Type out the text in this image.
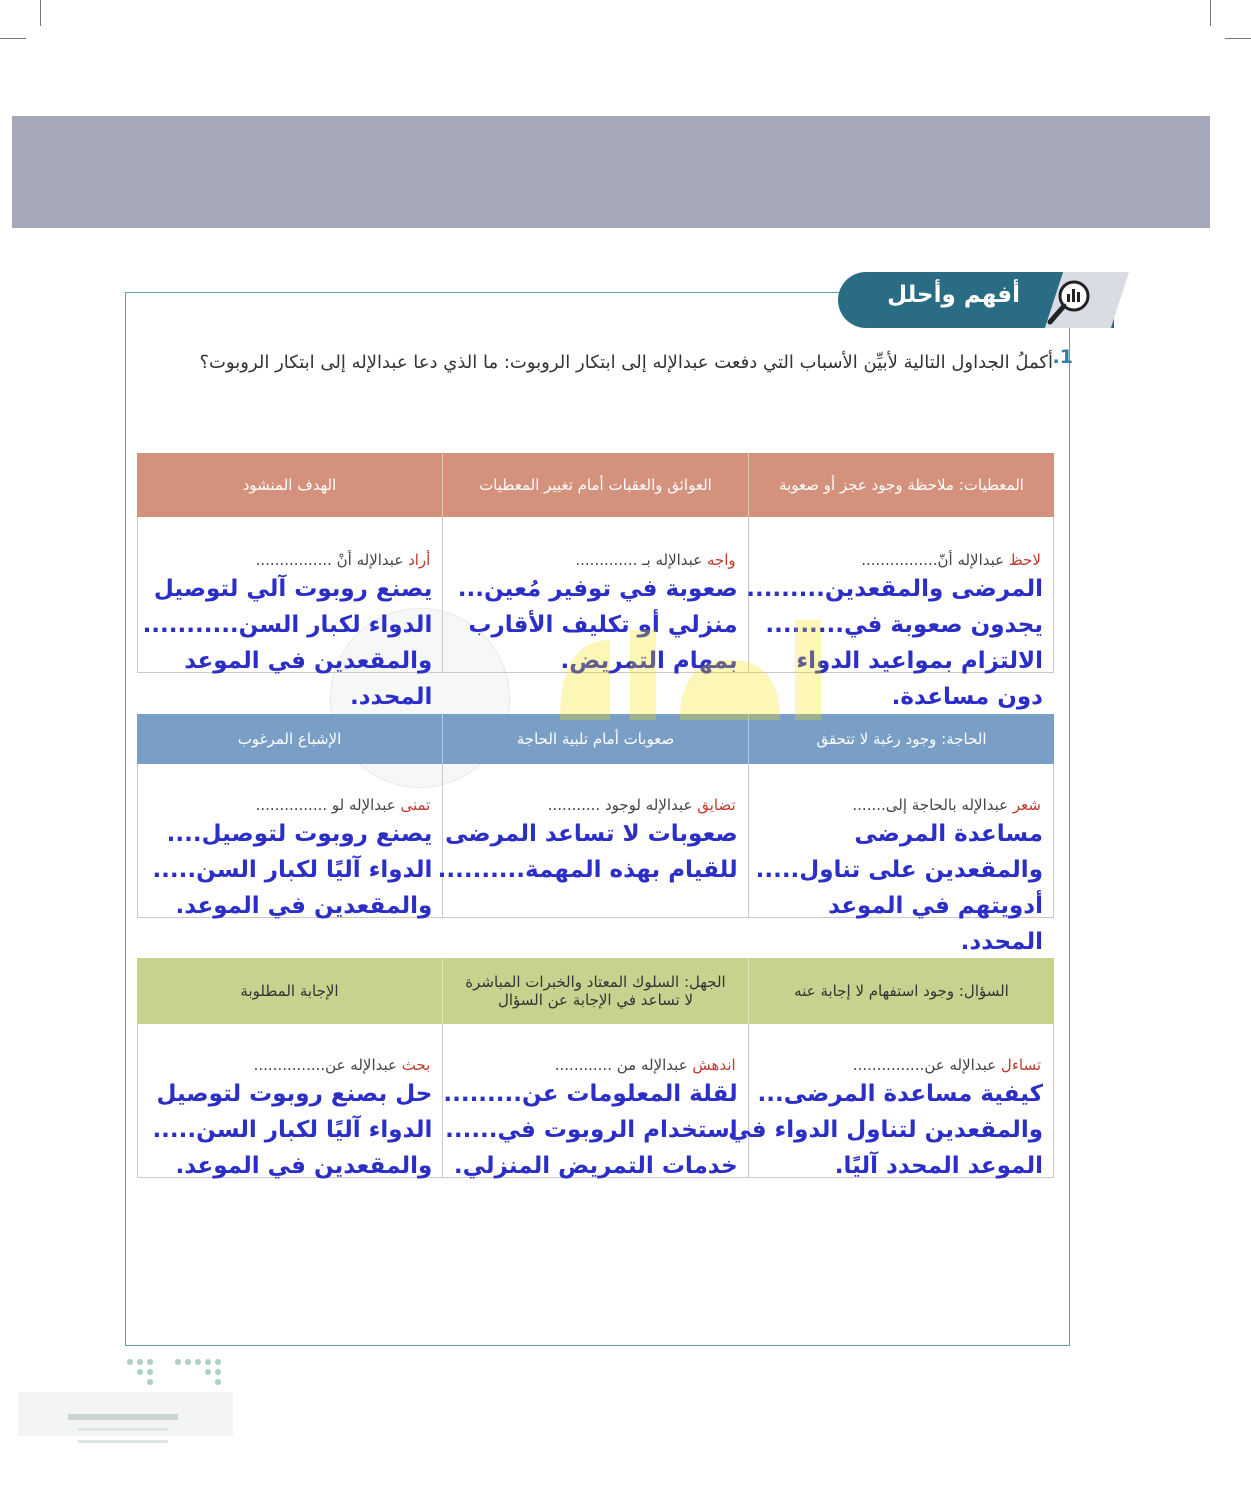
أفهم وأحلل
1.
أكملُ الجداول التالية لأبيِّن الأسباب التي دفعت عبدالإله إلى ابتكار الروبوت: ما الذي دعا عبدالإله إلى ابتكار الروبوت؟
المعطيات: ملاحظة وجود عجز أو صعوبة
العوائق والعقبات أمام تغيير المعطيات
الهدف المنشود
لاحظ عبدالإله أنّ................
المرضى والمقعدين.........
يجدون صعوبة في.........
الالتزام بمواعيد الدواء
دون مساعدة.
واجه عبدالإله بـ .............
صعوبة في توفير مُعين...
منزلي أو تكليف الأقارب
بمهام التمريض.
أراد عبدالإله أنْ ................
يصنع روبوت آلي لتوصيل
الدواء لكبار السن...........
والمقعدين في الموعد
المحدد.
الحاجة: وجود رغبة لا تتحقق
صعوبات أمام تلبية الحاجة
الإشباع المرغوب
شعر عبدالإله بالحاجة إلى.......
مساعدة المرضى
والمقعدين على تناول.....
أدويتهم في الموعد
المحدد.
تضايق عبدالإله لوجود ...........
صعوبات لا تساعد المرضى
للقيام بهذه المهمة..........
تمنى عبدالإله لو ...............
يصنع روبوت لتوصيل....
الدواء آليًا لكبار السن.....
والمقعدين في الموعد.
السؤال: وجود استفهام لا إجابة عنه
الجهل: السلوك المعتاد والخبرات المباشرة لا تساعد في الإجابة عن السؤال
الإجابة المطلوبة
تساءل عبدالإله عن...............
كيفية مساعدة المرضى...
والمقعدين لتناول الدواء في
الموعد المحدد آليًا.
اندهش عبدالإله من ............
لقلة المعلومات عن.........
استخدام الروبوت في......
خدمات التمريض المنزلي.
بحث عبدالإله عن...............
حل بصنع روبوت لتوصيل
الدواء آليًا لكبار السن.....
والمقعدين في الموعد.
